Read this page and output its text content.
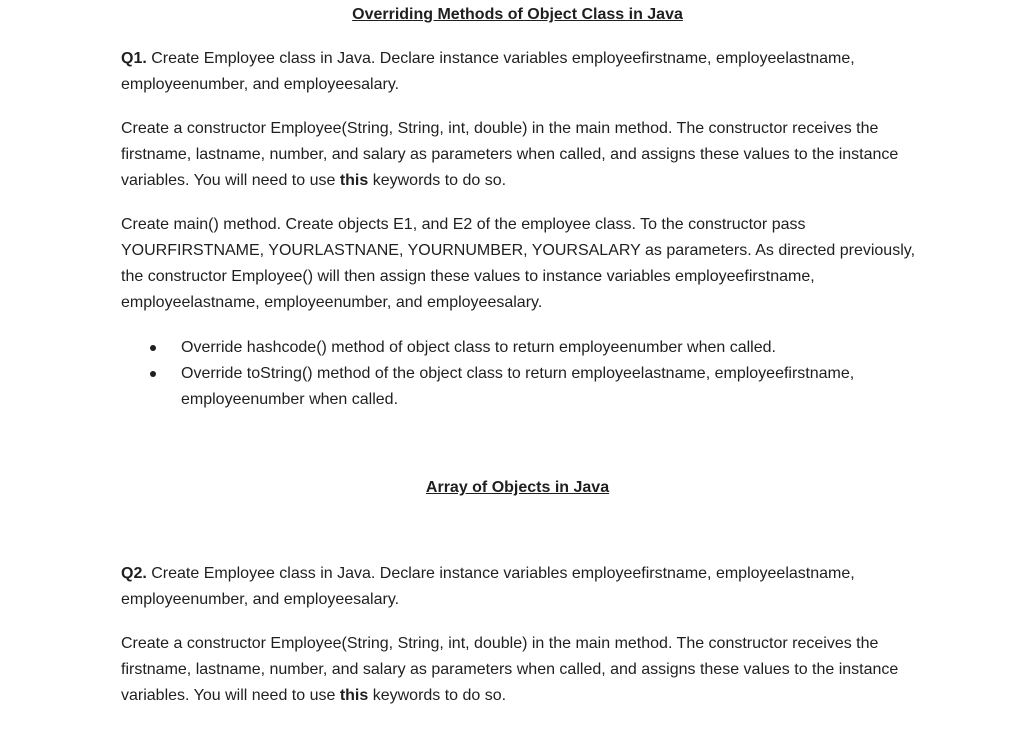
Overriding Methods of Object Class in Java

Q1. Create Employee class in Java. Declare instance variables employeefirstname, employeelastname, employeenumber, and employeesalary.

Create a constructor Employee(String, String, int, double) in the main method. The constructor receives the firstname, lastname, number, and salary as parameters when called, and assigns these values to the instance variables. You will need to use this keywords to do so.

Create main() method. Create objects E1, and E2 of the employee class. To the constructor pass YOURFIRSTNAME, YOURLASTNANE, YOURNUMBER, YOURSALARY as parameters. As directed previously, the constructor Employee() will then assign these values to instance variables employeefirstname, employeelastname, employeenumber, and employeesalary.

Override hashcode() method of object class to return employeenumber when called.
Override toString() method of the object class to return employeelastname, employeefirstname, employeenumber when called.
Array of Objects in Java

Q2. Create Employee class in Java. Declare instance variables employeefirstname, employeelastname, employeenumber, and employeesalary.

Create a constructor Employee(String, String, int, double) in the main method. The constructor receives the firstname, lastname, number, and salary as parameters when called, and assigns these values to the instance variables. You will need to use this keywords to do so.
